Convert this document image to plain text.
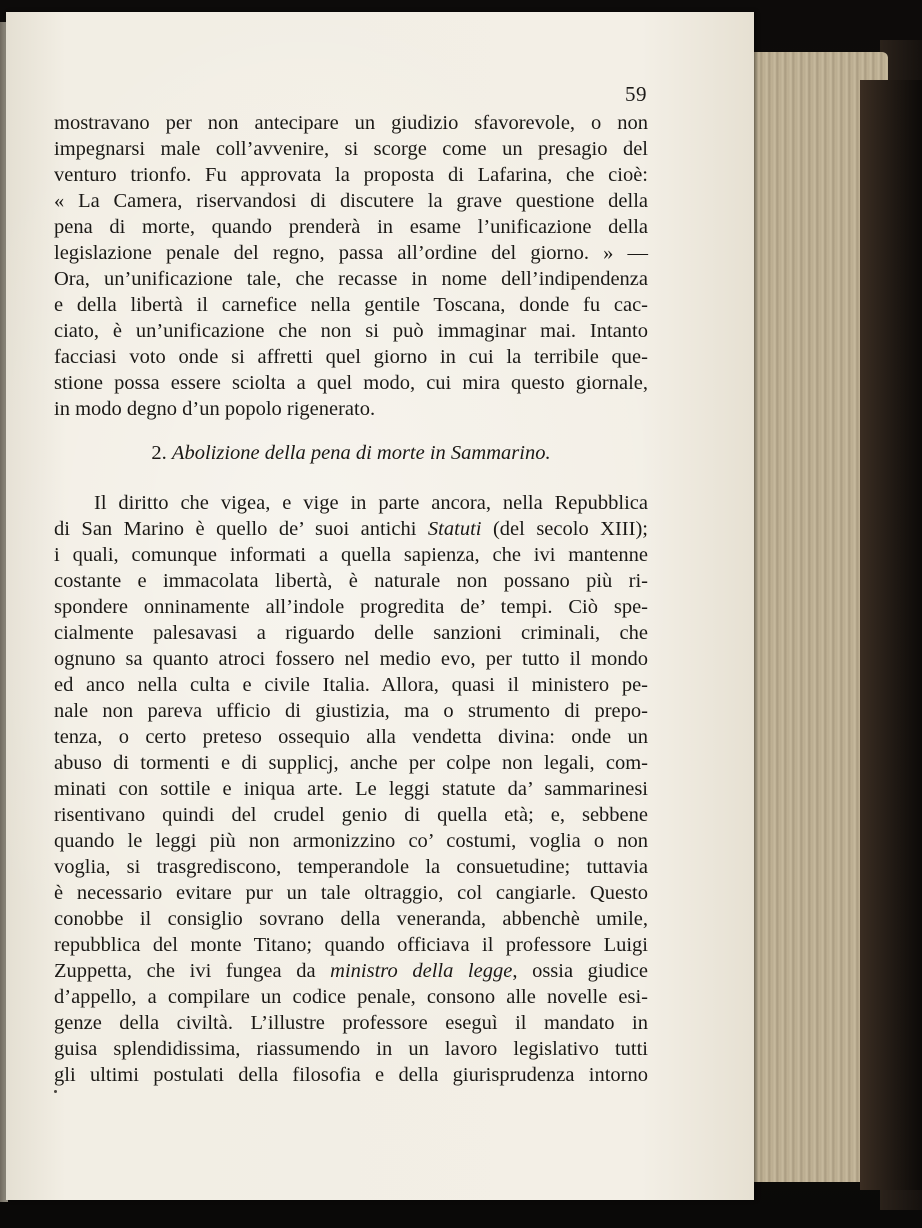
59
mostravano per non antecipare un giudizio sfavorevole, o non
impegnarsi male coll’avvenire, si scorge come un presagio del
venturo trionfo. Fu approvata la proposta di Lafarina, che cioè:
« La Camera, riservandosi di discutere la grave questione della
pena di morte, quando prenderà in esame l’unificazione della
legislazione penale del regno, passa all’ordine del giorno. » —
Ora, un’unificazione tale, che recasse in nome dell’indipendenza
e della libertà il carnefice nella gentile Toscana, donde fu cac-
ciato, è un’unificazione che non si può immaginar mai. Intanto
facciasi voto onde si affretti quel giorno in cui la terribile que-
stione possa essere sciolta a quel modo, cui mira questo giornale,
in modo degno d’un popolo rigenerato.
2. Abolizione della pena di morte in Sammarino.
Il diritto che vigea, e vige in parte ancora, nella Repubblica
di San Marino è quello de’ suoi antichi Statuti (del secolo XIII);
i quali, comunque informati a quella sapienza, che ivi mantenne
costante e immacolata libertà, è naturale non possano più ri-
spondere onninamente all’indole progredita de’ tempi. Ciò spe-
cialmente palesavasi a riguardo delle sanzioni criminali, che
ognuno sa quanto atroci fossero nel medio evo, per tutto il mondo
ed anco nella culta e civile Italia. Allora, quasi il ministero pe-
nale non pareva ufficio di giustizia, ma o strumento di prepo-
tenza, o certo preteso ossequio alla vendetta divina: onde un
abuso di tormenti e di supplicj, anche per colpe non legali, com-
minati con sottile e iniqua arte. Le leggi statute da’ sammarinesi
risentivano quindi del crudel genio di quella età; e, sebbene
quando le leggi più non armonizzino co’ costumi, voglia o non
voglia, si trasgrediscono, temperandole la consuetudine; tuttavia
è necessario evitare pur un tale oltraggio, col cangiarle. Questo
conobbe il consiglio sovrano della veneranda, abbenchè umile,
repubblica del monte Titano; quando officiava il professore Luigi
Zuppetta, che ivi fungea da ministro della legge, ossia giudice
d’appello, a compilare un codice penale, consono alle novelle esi-
genze della civiltà. L’illustre professore eseguì il mandato in
guisa splendidissima, riassumendo in un lavoro legislativo tutti
gli ultimi postulati della filosofia e della giurisprudenza intorno
